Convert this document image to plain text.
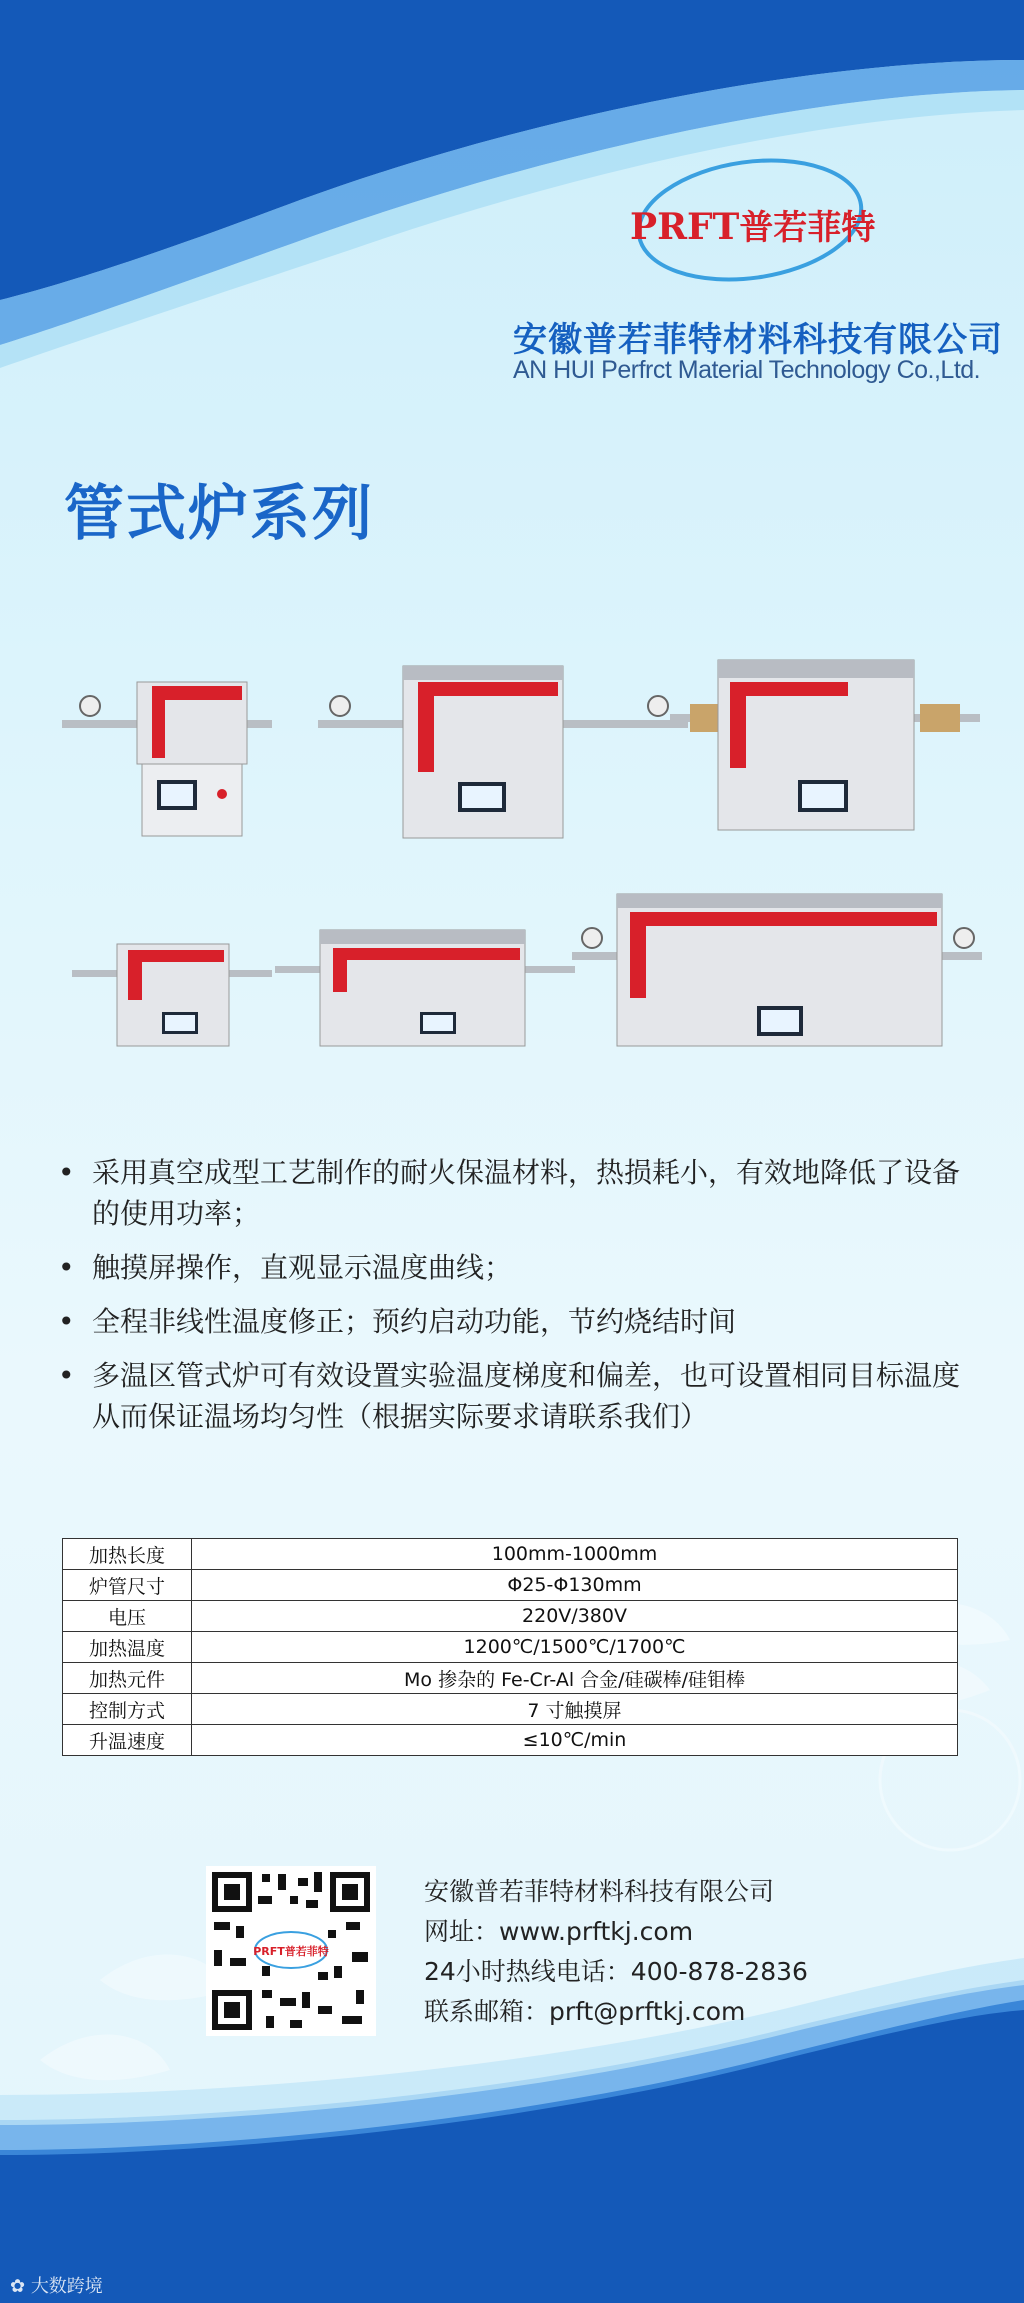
PRFT普若菲特
安徽普若菲特材料科技有限公司
AN HUI Perfrct Material Technology Co.,Ltd.
管式炉系列
• 采用真空成型工艺制作的耐火保温材料，热损耗小，有效地降低了设备的使用功率；
• 触摸屏操作，直观显示温度曲线；
• 全程非线性温度修正；预约启动功能，节约烧结时间
• 多温区管式炉可有效设置实验温度梯度和偏差，也可设置相同目标温度从而保证温场均匀性（根据实际要求请联系我们）
加热长度	100mm-1000mm
炉管尺寸	Φ25-Φ130mm
电压	220V/380V
加热温度	1200℃/1500℃/1700℃
加热元件	Mo 掺杂的 Fe-Cr-Al 合金/硅碳棒/硅钼棒
控制方式	7 寸触摸屏
升温速度	≤10℃/min
PRFT普若菲特
安徽普若菲特材料科技有限公司
网址：www.prftkj.com
24小时热线电话：400-878-2836
联系邮箱：prft@prftkj.com
✿ 大数跨境
